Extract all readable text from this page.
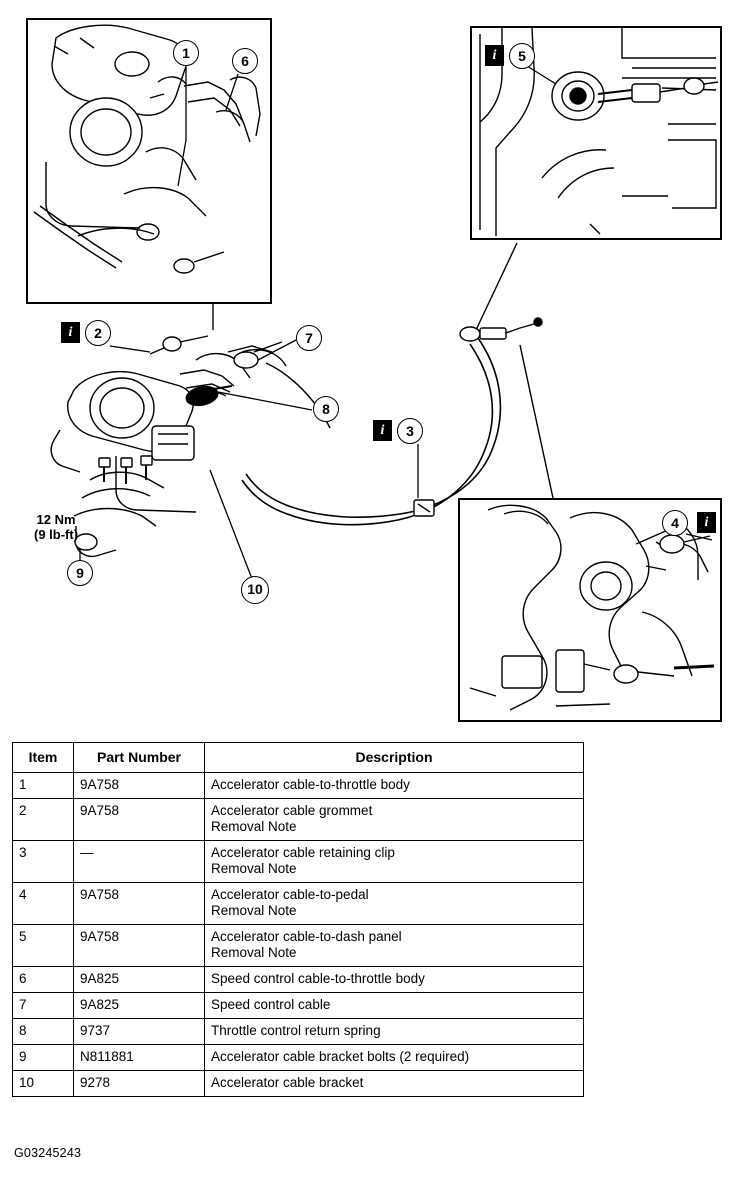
1	6	i	5
i	2	7
8
i	3
10
12 Nm
(9 lb-ft)
9
4	i
Item	Part Number	Description
1	9A758	Accelerator cable-to-throttle body

2	9A758	Accelerator cable grommet
Removal Note

3	—	Accelerator cable retaining clip
Removal Note

4	9A758	Accelerator cable-to-pedal
Removal Note

5	9A758	Accelerator cable-to-dash panel
Removal Note

6	9A825	Speed control cable-to-throttle body

7	9A825	Speed control cable

8	9737	Throttle control return spring

9	N811881	Accelerator cable bracket bolts (2 required)

10	9278	Accelerator cable bracket
G03245243
